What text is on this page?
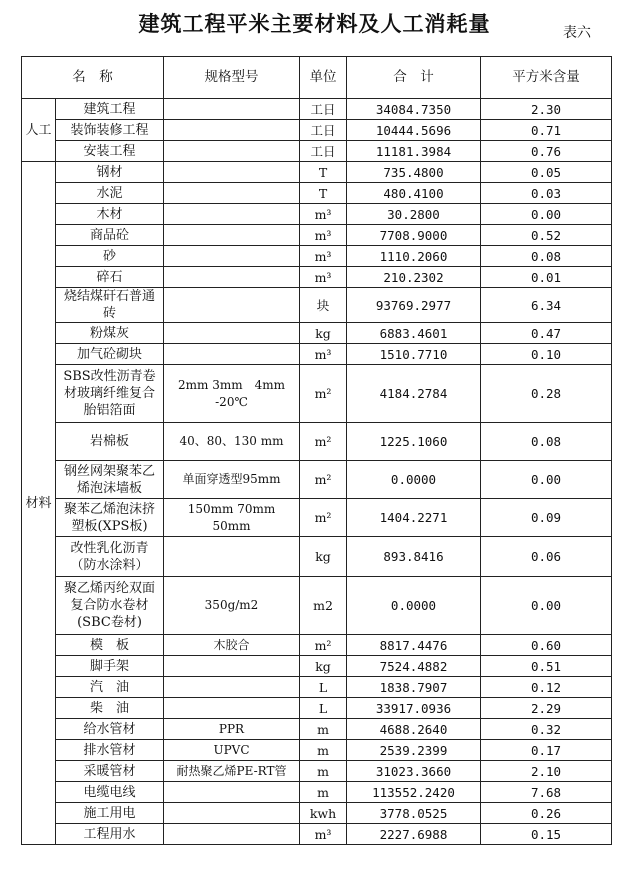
建筑工程平米主要材料及人工消耗量	表六
名　称		规格型号	单位	合　计	平方米含量
人工	建筑工程		工日	34084.7350	2.30
	装饰装修工程		工日	10444.5696	0.71
	安装工程		工日	11181.3984	0.76
材料	钢材		T	735.4800	0.05
	水泥		T	480.4100	0.03
	木材		m³	30.2800	0.00
	商品砼		m³	7708.9000	0.52
	砂		m³	1110.2060	0.08
	碎石		m³	210.2302	0.01
	烧结煤矸石普通砖		块	93769.2977	6.34
	粉煤灰		kg	6883.4601	0.47
	加气砼砌块		m³	1510.7710	0.10
	SBS改性沥青卷材玻璃纤维复合胎铝箔面	2mm 3mm　4mm -20℃	m²	4184.2784	0.28
	岩棉板	40、80、130 mm	m²	1225.1060	0.08
	钢丝网架聚苯乙烯泡沫墙板	单面穿透型95mm	m²	0.0000	0.00
	聚苯乙烯泡沫挤塑板(XPS板)	150mm 70mm　50mm	m²	1404.2271	0.09
	改性乳化沥青（防水涂料）		kg	893.8416	0.06
	聚乙烯丙纶双面复合防水卷材(SBC卷材)	350g/m2	m2	0.0000	0.00
	模　板	木胶合	m²	8817.4476	0.60
	脚手架		kg	7524.4882	0.51
	汽　油		L	1838.7907	0.12
	柴　油		L	33917.0936	2.29
	给水管材	PPR	m	4688.2640	0.32
	排水管材	UPVC	m	2539.2399	0.17
	采暖管材	耐热聚乙烯PE-RT管	m	31023.3660	2.10
	电缆电线		m	113552.2420	7.68
	施工用电		kwh	3778.0525	0.26
	工程用水		m³	2227.6988	0.15
